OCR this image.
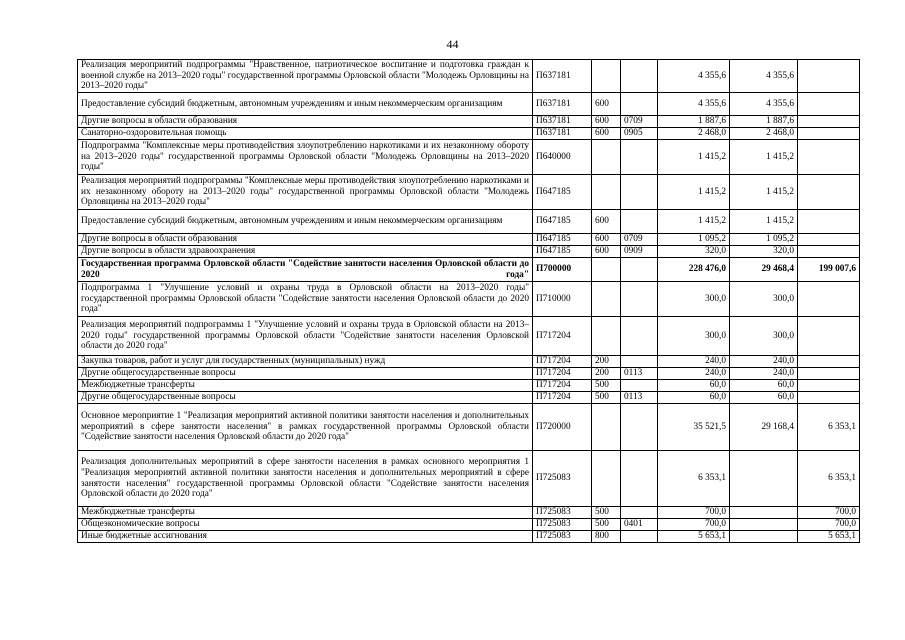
44
Реализация мероприятий подпрограммы "Нравственное, патриотическое воспитание и подготовка граждан к военной службе на 2013–2020 годы" государственной программы Орловской области "Молодежь Орловщины на 2013–2020 годы"	П637181			4 355,6	4 355,6	
Предоставление субсидий бюджетным, автономным учреждениям и иным некоммерческим организациям	П637181	600		4 355,6	4 355,6	
Другие вопросы в области образования	П637181	600	0709	1 887,6	1 887,6	
Санаторно-оздоровительная помощь	П637181	600	0905	2 468,0	2 468,0	
Подпрограмма "Комплексные меры противодействия злоупотреблению наркотиками и их незаконному обороту на 2013–2020 годы" государственной программы Орловской области "Молодежь Орловщины на 2013–2020 годы"	П640000			1 415,2	1 415,2	
Реализация мероприятий подпрограммы "Комплексные меры противодействия злоупотреблению наркотиками и их незаконному обороту на 2013–2020 годы" государственной программы Орловской области "Молодежь Орловщины на 2013–2020 годы"	П647185			1 415,2	1 415,2	
Предоставление субсидий бюджетным, автономным учреждениям и иным некоммерческим организациям	П647185	600		1 415,2	1 415,2	
Другие вопросы в области образования	П647185	600	0709	1 095,2	1 095,2	
Другие вопросы в области здравоохранения	П647185	600	0909	320,0	320,0	
Государственная программа Орловской области "Содействие занятости населения Орловской области до 2020 года"	П700000			228 476,0	29 468,4	199 007,6
Подпрограмма 1 "Улучшение условий и охраны труда в Орловской области на 2013–2020 годы" государственной программы Орловской области "Содействие занятости населения Орловской области до 2020 года"	П710000			300,0	300,0	
Реализация мероприятий подпрограммы 1 "Улучшение условий и охраны труда в Орловской области на 2013–2020 годы" государственной программы Орловской области "Содействие занятости населения Орловской области до 2020 года"	П717204			300,0	300,0	
Закупка товаров, работ и услуг для государственных (муниципальных) нужд	П717204	200		240,0	240,0	
Другие общегосударственные вопросы	П717204	200	0113	240,0	240,0	
Межбюджетные трансферты	П717204	500		60,0	60,0	
Другие общегосударственные вопросы	П717204	500	0113	60,0	60,0	
Основное мероприятие 1 "Реализация мероприятий активной политики занятости населения и дополнительных мероприятий в сфере занятости населения" в рамках государственной программы Орловской области "Содействие занятости населения Орловской области до 2020 года"	П720000			35 521,5	29 168,4	6 353,1
Реализация дополнительных мероприятий в сфере занятости населения в рамках основного мероприятия 1 "Реализация мероприятий активной политики занятости населения и дополнительных мероприятий в сфере занятости населения" государственной программы Орловской области "Содействие занятости населения Орловской области до 2020 года"	П725083			6 353,1		6 353,1
Межбюджетные трансферты	П725083	500		700,0		700,0
Общеэкономические вопросы	П725083	500	0401	700,0		700,0
Иные бюджетные ассигнования	П725083	800		5 653,1		5 653,1
